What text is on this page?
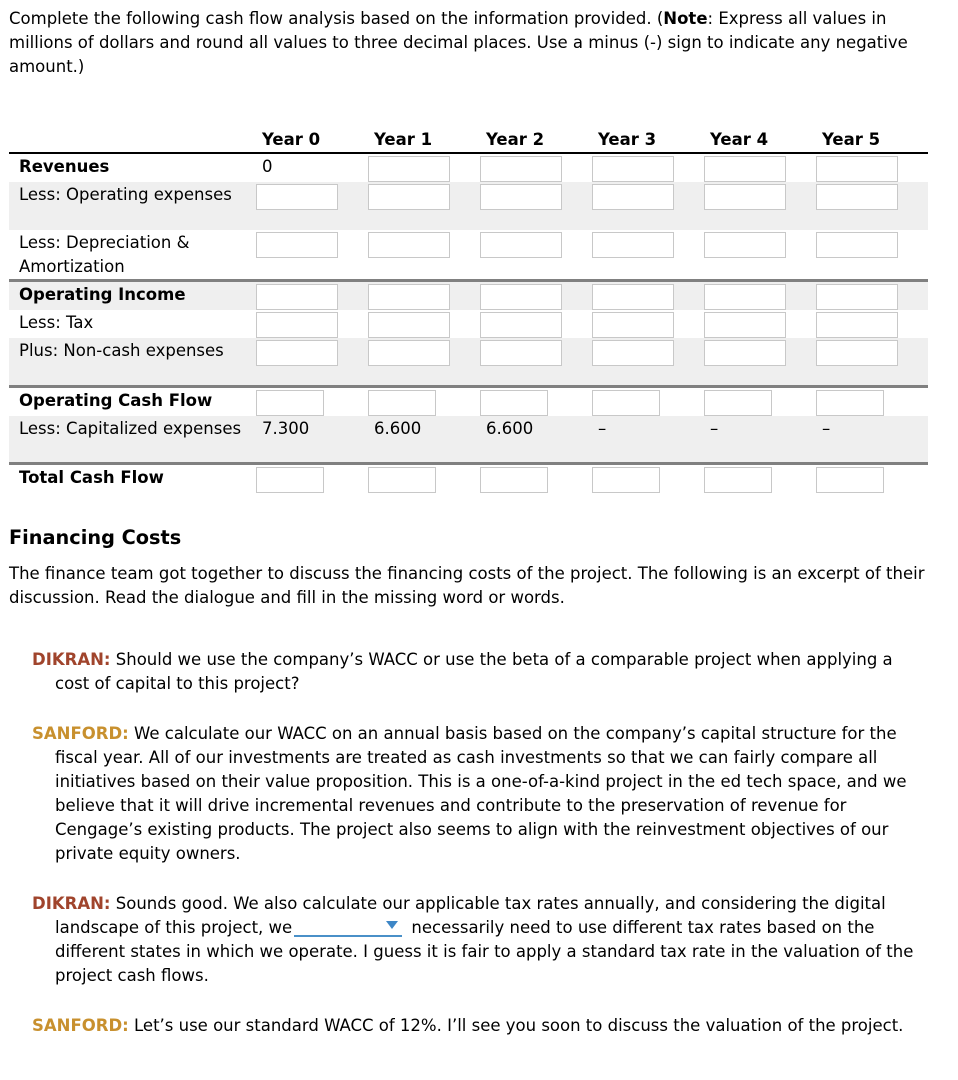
Complete the following cash flow analysis based on the information provided. (Note: Express all values in millions of dollars and round all values to three decimal places. Use a minus (-) sign to indicate any negative amount.)

	Year 0	Year 1	Year 2	Year 3	Year 4	Year 5
Revenues	0	

Less: Operating expenses	

Less: Depreciation & Amortization	

Operating Income	

Less: Tax	

Plus: Non-cash expenses	

Operating Cash Flow	

Less: Capitalized expenses	7.300	6.600	6.600	–	–	–
Total Cash Flow	

Financing Costs

The finance team got together to discuss the financing costs of the project. The following is an excerpt of their discussion. Read the dialogue and fill in the missing word or words.

DIKRAN: Should we use the company’s WACC or use the beta of a comparable project when applying a cost of capital to this project?

SANFORD: We calculate our WACC on an annual basis based on the company’s capital structure for the fiscal year. All of our investments are treated as cash investments so that we can fairly compare all initiatives based on their value proposition. This is a one-of-a-kind project in the ed tech space, and we believe that it will drive incremental revenues and contribute to the preservation of revenue for Cengage’s existing products. The project also seems to align with the reinvestment objectives of our private equity owners.

DIKRAN: Sounds good. We also calculate our applicable tax rates annually, and considering the digital landscape of this project, we	necessarily need to use different tax rates based on the different states in which we operate. I guess it is fair to apply a standard tax rate in the valuation of the project cash flows.

SANFORD: Let’s use our standard WACC of 12%. I’ll see you soon to discuss the valuation of the project.
